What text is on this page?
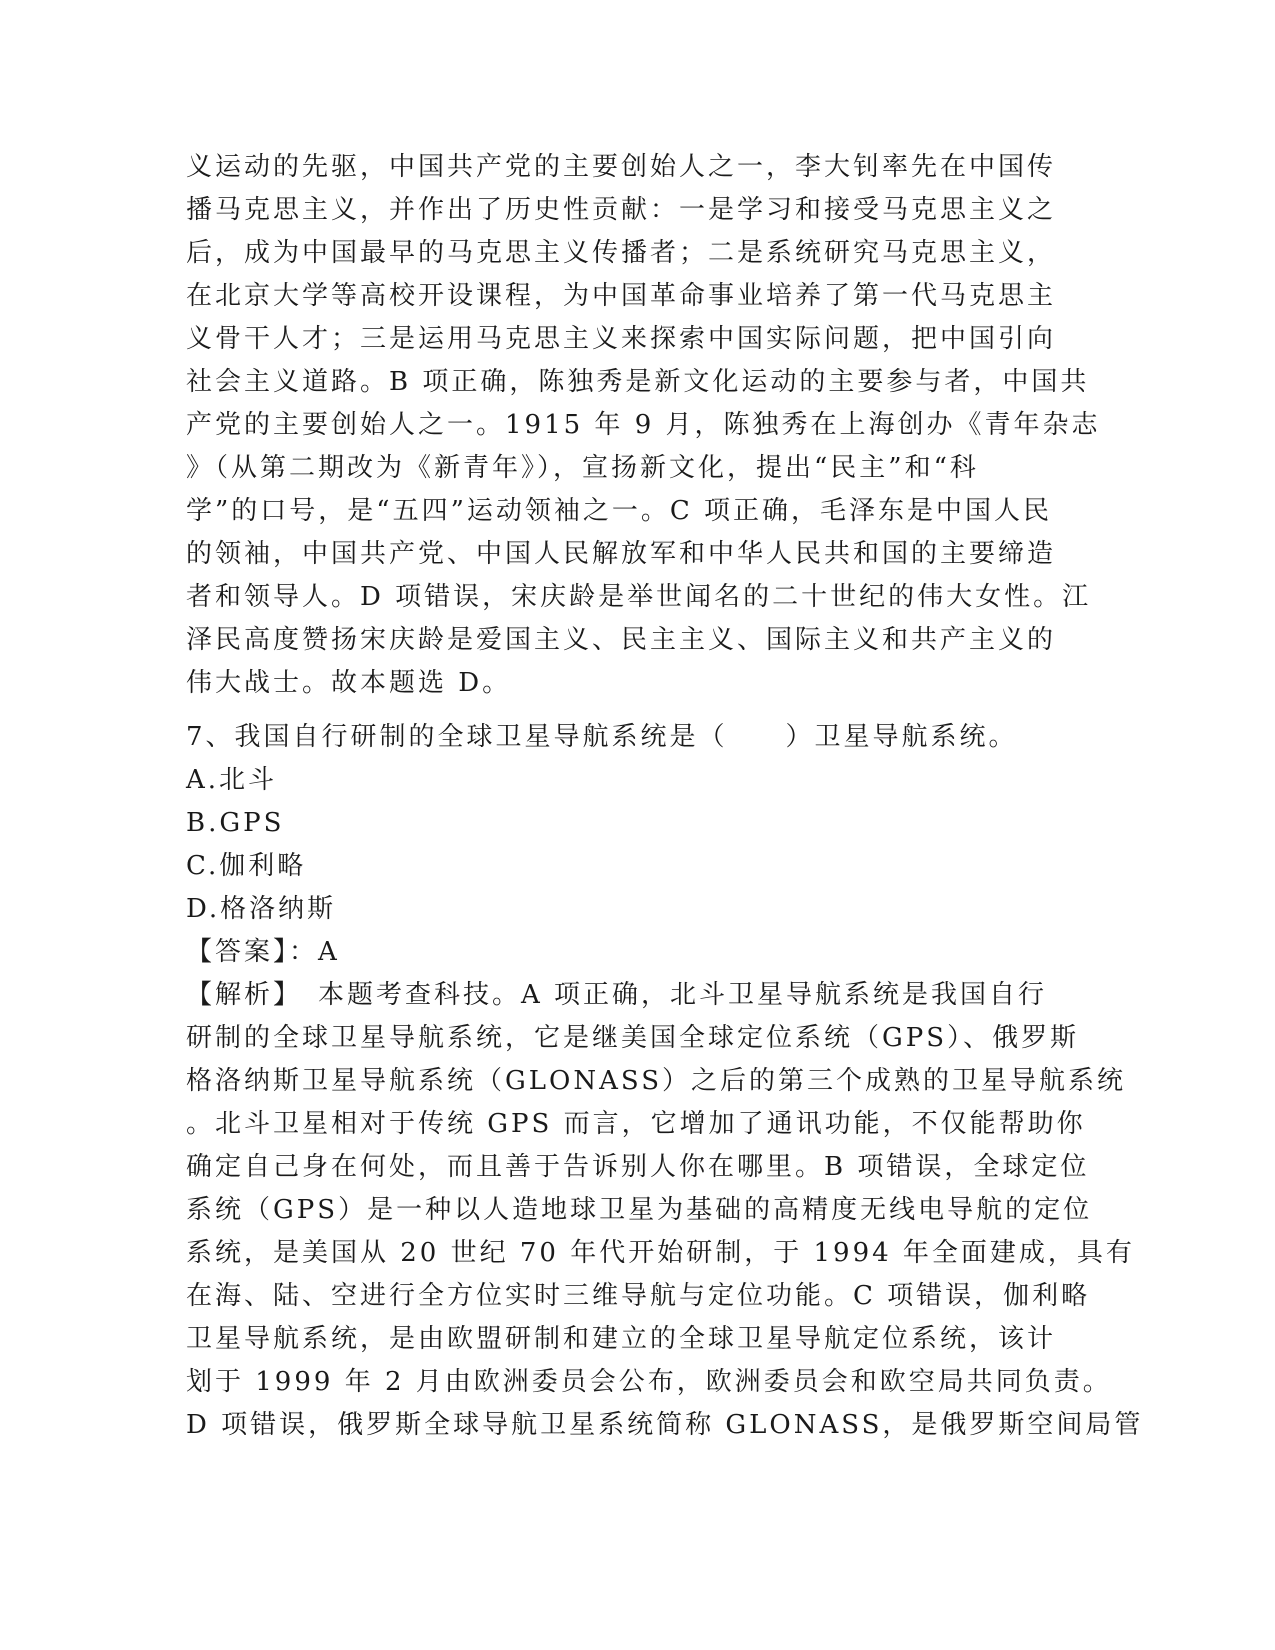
义运动的先驱，中国共产党的主要创始人之一，李大钊率先在中国传
播马克思主义，并作出了历史性贡献：一是学习和接受马克思主义之
后，成为中国最早的马克思主义传播者；二是系统研究马克思主义，
在北京大学等高校开设课程，为中国革命事业培养了第一代马克思主
义骨干人才；三是运用马克思主义来探索中国实际问题，把中国引向
社会主义道路。B 项正确，陈独秀是新文化运动的主要参与者，中国共
产党的主要创始人之一。1915 年 9 月，陈独秀在上海创办《青年杂志
》（从第二期改为《新青年》），宣扬新文化，提出“民主”和“科
学”的口号，是“五四”运动领袖之一。C 项正确，毛泽东是中国人民
的领袖，中国共产党、中国人民解放军和中华人民共和国的主要缔造
者和领导人。D 项错误，宋庆龄是举世闻名的二十世纪的伟大女性。江
泽民高度赞扬宋庆龄是爱国主义、民主主义、国际主义和共产主义的
伟大战士。故本题选 D。
7、我国自行研制的全球卫星导航系统是（　　）卫星导航系统。
A.北斗
B.GPS
C.伽利略
D.格洛纳斯
【答案】：A
【解析】　本题考查科技。A 项正确，北斗卫星导航系统是我国自行
研制的全球卫星导航系统，它是继美国全球定位系统（GPS）、俄罗斯
格洛纳斯卫星导航系统（GLONASS）之后的第三个成熟的卫星导航系统
。北斗卫星相对于传统 GPS 而言，它增加了通讯功能，不仅能帮助你
确定自己身在何处，而且善于告诉别人你在哪里。B 项错误，全球定位
系统（GPS）是一种以人造地球卫星为基础的高精度无线电导航的定位
系统，是美国从 20 世纪 70 年代开始研制，于 1994 年全面建成，具有
在海、陆、空进行全方位实时三维导航与定位功能。C 项错误，伽利略
卫星导航系统，是由欧盟研制和建立的全球卫星导航定位系统，该计
划于 1999 年 2 月由欧洲委员会公布，欧洲委员会和欧空局共同负责。
D 项错误，俄罗斯全球导航卫星系统简称 GLONASS，是俄罗斯空间局管
